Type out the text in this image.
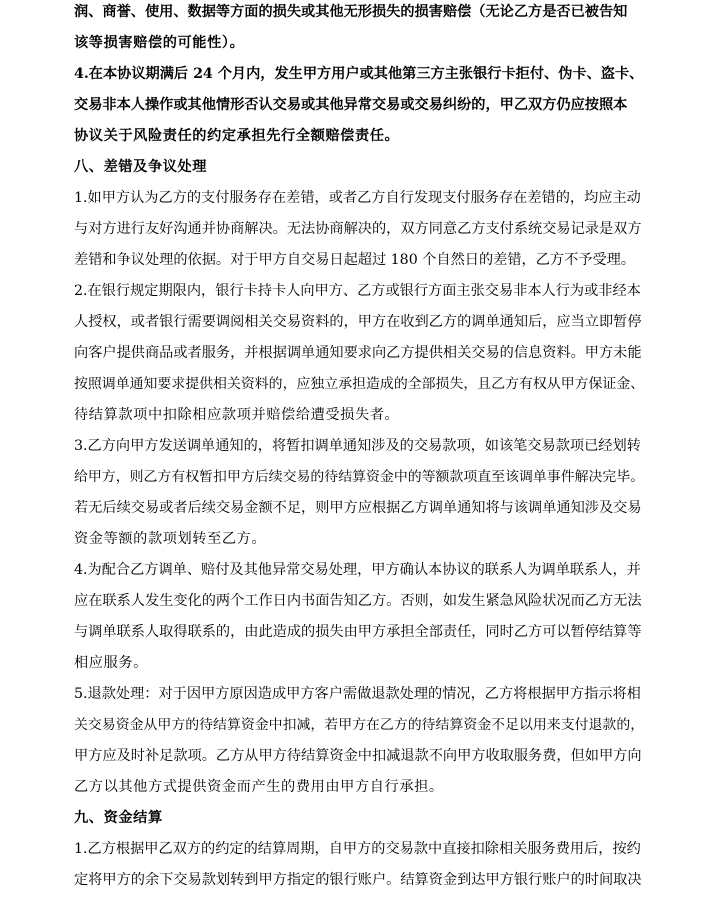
润、商誉、使用、数据等方面的损失或其他无形损失的损害赔偿（无论乙方是否已被告知
该等损害赔偿的可能性）。
4.在本协议期满后 24 个月内，发生甲方用户或其他第三方主张银行卡拒付、伪卡、盗卡、
交易非本人操作或其他情形否认交易或其他异常交易或交易纠纷的，甲乙双方仍应按照本
协议关于风险责任的约定承担先行全额赔偿责任。
八、差错及争议处理
1.如甲方认为乙方的支付服务存在差错，或者乙方自行发现支付服务存在差错的，均应主动
与对方进行友好沟通并协商解决。无法协商解决的，双方同意乙方支付系统交易记录是双方
差错和争议处理的依据。对于甲方自交易日起超过 180 个自然日的差错，乙方不予受理。
2.在银行规定期限内，银行卡持卡人向甲方、乙方或银行方面主张交易非本人行为或非经本
人授权，或者银行需要调阅相关交易资料的，甲方在收到乙方的调单通知后，应当立即暂停
向客户提供商品或者服务，并根据调单通知要求向乙方提供相关交易的信息资料。甲方未能
按照调单通知要求提供相关资料的，应独立承担造成的全部损失，且乙方有权从甲方保证金、
待结算款项中扣除相应款项并赔偿给遭受损失者。
3.乙方向甲方发送调单通知的，将暂扣调单通知涉及的交易款项，如该笔交易款项已经划转
给甲方，则乙方有权暂扣甲方后续交易的待结算资金中的等额款项直至该调单事件解决完毕。
若无后续交易或者后续交易金额不足，则甲方应根据乙方调单通知将与该调单通知涉及交易
资金等额的款项划转至乙方。
4.为配合乙方调单、赔付及其他异常交易处理，甲方确认本协议的联系人为调单联系人，并
应在联系人发生变化的两个工作日内书面告知乙方。否则，如发生紧急风险状况而乙方无法
与调单联系人取得联系的，由此造成的损失由甲方承担全部责任，同时乙方可以暂停结算等
相应服务。
5.退款处理：对于因甲方原因造成甲方客户需做退款处理的情况，乙方将根据甲方指示将相
关交易资金从甲方的待结算资金中扣减，若甲方在乙方的待结算资金不足以用来支付退款的，
甲方应及时补足款项。乙方从甲方待结算资金中扣减退款不向甲方收取服务费，但如甲方向
乙方以其他方式提供资金而产生的费用由甲方自行承担。
九、资金结算
1.乙方根据甲乙双方的约定的结算周期，自甲方的交易款中直接扣除相关服务费用后，按约
定将甲方的余下交易款划转到甲方指定的银行账户。结算资金到达甲方银行账户的时间取决
